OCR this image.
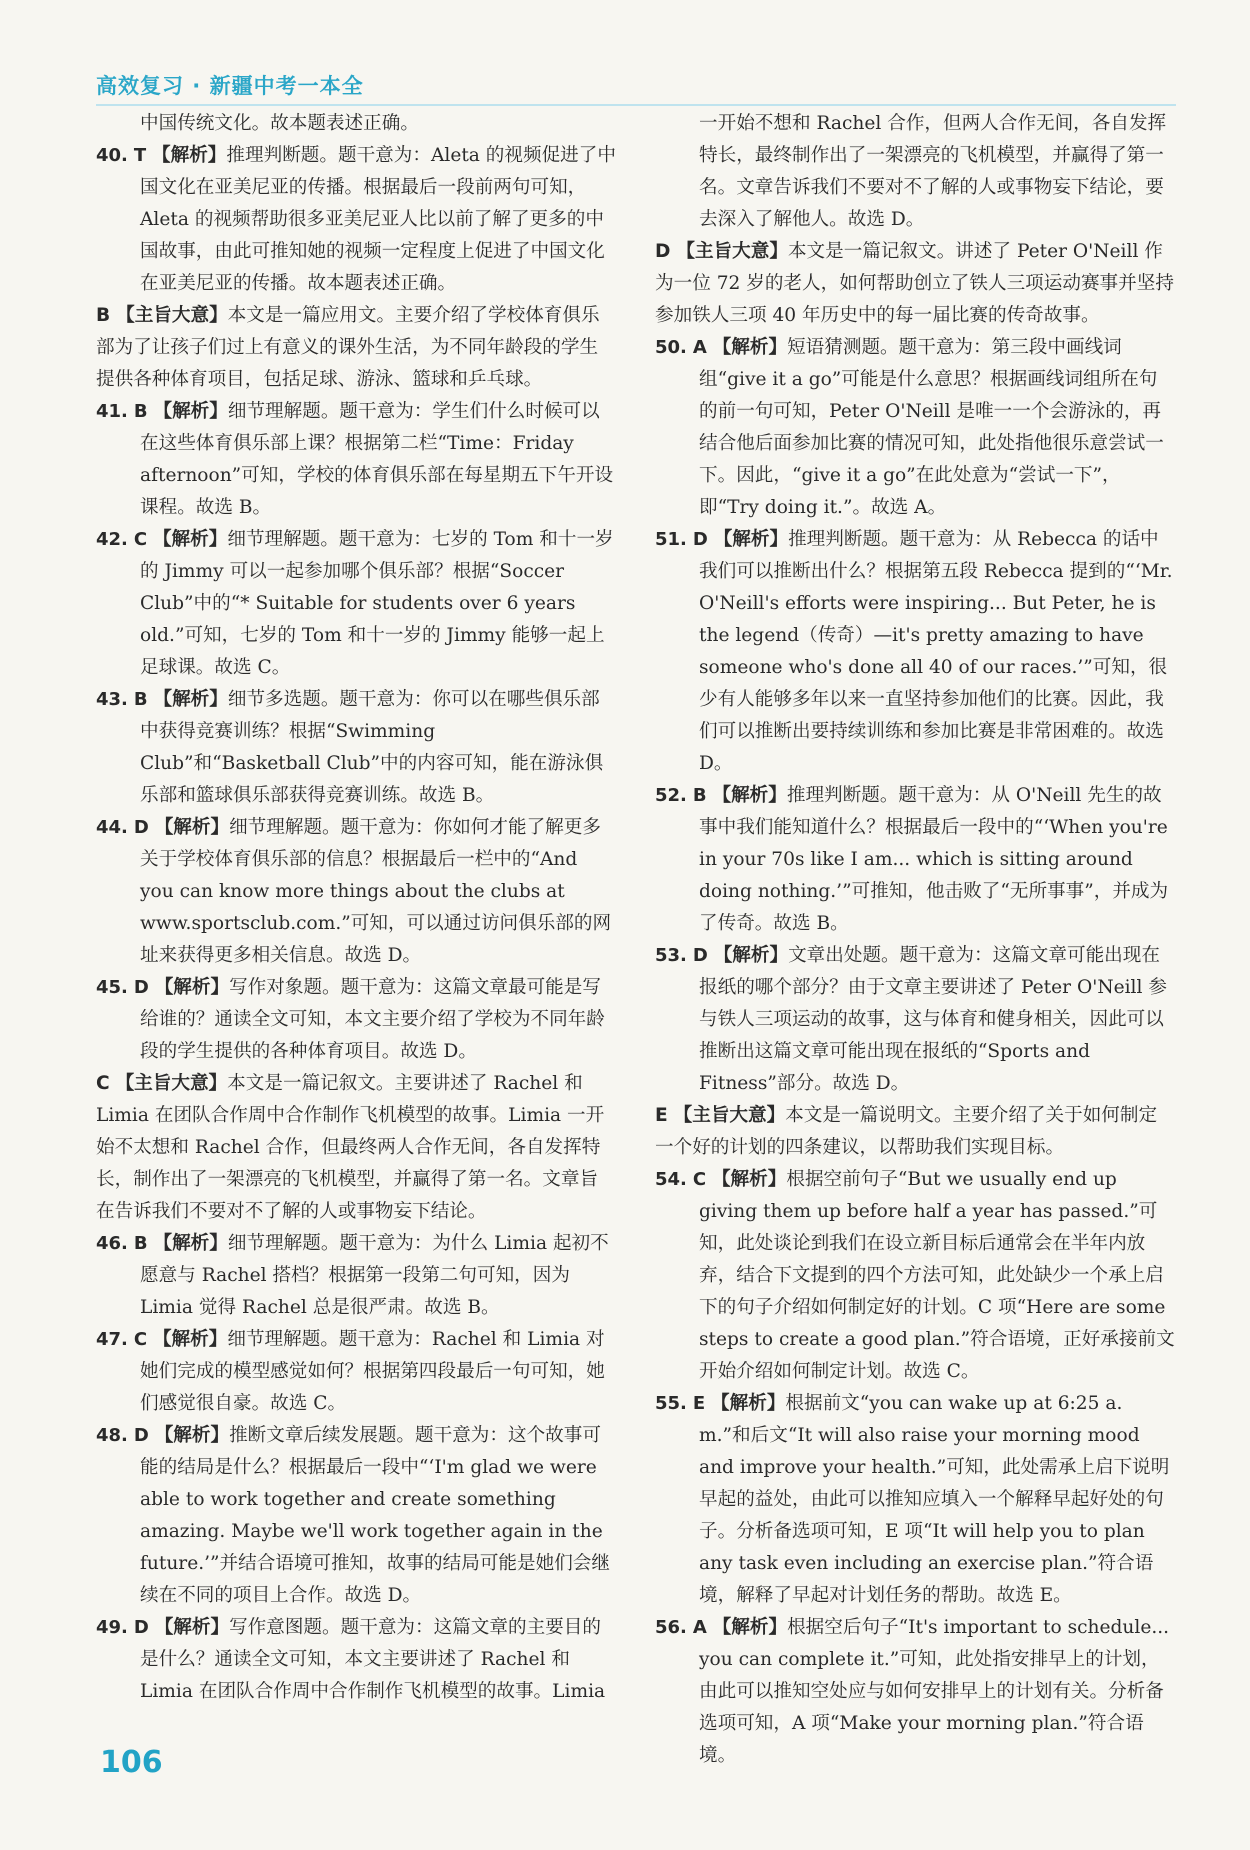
高效复习 · 新疆中考一本全
中国传统文化。故本题表述正确。
40. T 【解析】推理判断题。题干意为：Aleta 的视频促进了中国文化在亚美尼亚的传播。根据最后一段前两句可知，Aleta 的视频帮助很多亚美尼亚人比以前了解了更多的中国故事，由此可推知她的视频一定程度上促进了中国文化在亚美尼亚的传播。故本题表述正确。
B 【主旨大意】本文是一篇应用文。主要介绍了学校体育俱乐部为了让孩子们过上有意义的课外生活，为不同年龄段的学生提供各种体育项目，包括足球、游泳、篮球和乒乓球。
41. B 【解析】细节理解题。题干意为：学生们什么时候可以在这些体育俱乐部上课？根据第二栏“Time：Friday afternoon”可知，学校的体育俱乐部在每星期五下午开设课程。故选 B。
42. C 【解析】细节理解题。题干意为：七岁的 Tom 和十一岁的 Jimmy 可以一起参加哪个俱乐部？根据“Soccer Club”中的“* Suitable for students over 6 years old.”可知，七岁的 Tom 和十一岁的 Jimmy 能够一起上足球课。故选 C。
43. B 【解析】细节多选题。题干意为：你可以在哪些俱乐部中获得竞赛训练？根据“Swimming Club”和“Basketball Club”中的内容可知，能在游泳俱乐部和篮球俱乐部获得竞赛训练。故选 B。
44. D 【解析】细节理解题。题干意为：你如何才能了解更多关于学校体育俱乐部的信息？根据最后一栏中的“And you can know more things about the clubs at www.sportsclub.com.”可知，可以通过访问俱乐部的网址来获得更多相关信息。故选 D。
45. D 【解析】写作对象题。题干意为：这篇文章最可能是写给谁的？通读全文可知，本文主要介绍了学校为不同年龄段的学生提供的各种体育项目。故选 D。
C 【主旨大意】本文是一篇记叙文。主要讲述了 Rachel 和 Limia 在团队合作周中合作制作飞机模型的故事。Limia 一开始不太想和 Rachel 合作，但最终两人合作无间，各自发挥特长，制作出了一架漂亮的飞机模型，并赢得了第一名。文章旨在告诉我们不要对不了解的人或事物妄下结论。
46. B 【解析】细节理解题。题干意为：为什么 Limia 起初不愿意与 Rachel 搭档？根据第一段第二句可知，因为 Limia 觉得 Rachel 总是很严肃。故选 B。
47. C 【解析】细节理解题。题干意为：Rachel 和 Limia 对她们完成的模型感觉如何？根据第四段最后一句可知，她们感觉很自豪。故选 C。
48. D 【解析】推断文章后续发展题。题干意为：这个故事可能的结局是什么？根据最后一段中“‘I'm glad we were able to work together and create something amazing. Maybe we'll work together again in the future.’”并结合语境可推知，故事的结局可能是她们会继续在不同的项目上合作。故选 D。
49. D 【解析】写作意图题。题干意为：这篇文章的主要目的是什么？通读全文可知，本文主要讲述了 Rachel 和 Limia 在团队合作周中合作制作飞机模型的故事。Limia
一开始不想和 Rachel 合作，但两人合作无间，各自发挥特长，最终制作出了一架漂亮的飞机模型，并赢得了第一名。文章告诉我们不要对不了解的人或事物妄下结论，要去深入了解他人。故选 D。
D 【主旨大意】本文是一篇记叙文。讲述了 Peter O'Neill 作为一位 72 岁的老人，如何帮助创立了铁人三项运动赛事并坚持参加铁人三项 40 年历史中的每一届比赛的传奇故事。
50. A 【解析】短语猜测题。题干意为：第三段中画线词组“give it a go”可能是什么意思？根据画线词组所在句的前一句可知，Peter O'Neill 是唯一一个会游泳的，再结合他后面参加比赛的情况可知，此处指他很乐意尝试一下。因此，“give it a go”在此处意为“尝试一下”，即“Try doing it.”。故选 A。
51. D 【解析】推理判断题。题干意为：从 Rebecca 的话中我们可以推断出什么？根据第五段 Rebecca 提到的“‘Mr. O'Neill's efforts were inspiring... But Peter, he is the legend（传奇）—it's pretty amazing to have someone who's done all 40 of our races.’”可知，很少有人能够多年以来一直坚持参加他们的比赛。因此，我们可以推断出要持续训练和参加比赛是非常困难的。故选 D。
52. B 【解析】推理判断题。题干意为：从 O'Neill 先生的故事中我们能知道什么？根据最后一段中的“‘When you're in your 70s like I am... which is sitting around doing nothing.’”可推知，他击败了“无所事事”，并成为了传奇。故选 B。
53. D 【解析】文章出处题。题干意为：这篇文章可能出现在报纸的哪个部分？由于文章主要讲述了 Peter O'Neill 参与铁人三项运动的故事，这与体育和健身相关，因此可以推断出这篇文章可能出现在报纸的“Sports and Fitness”部分。故选 D。
E 【主旨大意】本文是一篇说明文。主要介绍了关于如何制定一个好的计划的四条建议，以帮助我们实现目标。
54. C 【解析】根据空前句子“But we usually end up giving them up before half a year has passed.”可知，此处谈论到我们在设立新目标后通常会在半年内放弃，结合下文提到的四个方法可知，此处缺少一个承上启下的句子介绍如何制定好的计划。C 项“Here are some steps to create a good plan.”符合语境，正好承接前文开始介绍如何制定计划。故选 C。
55. E 【解析】根据前文“you can wake up at 6:25 a. m.”和后文“It will also raise your morning mood and improve your health.”可知，此处需承上启下说明早起的益处，由此可以推知应填入一个解释早起好处的句子。分析备选项可知，E 项“It will help you to plan any task even including an exercise plan.”符合语境，解释了早起对计划任务的帮助。故选 E。
56. A 【解析】根据空后句子“It's important to schedule... you can complete it.”可知，此处指安排早上的计划，由此可以推知空处应与如何安排早上的计划有关。分析备选项可知，A 项“Make your morning plan.”符合语境。
106
